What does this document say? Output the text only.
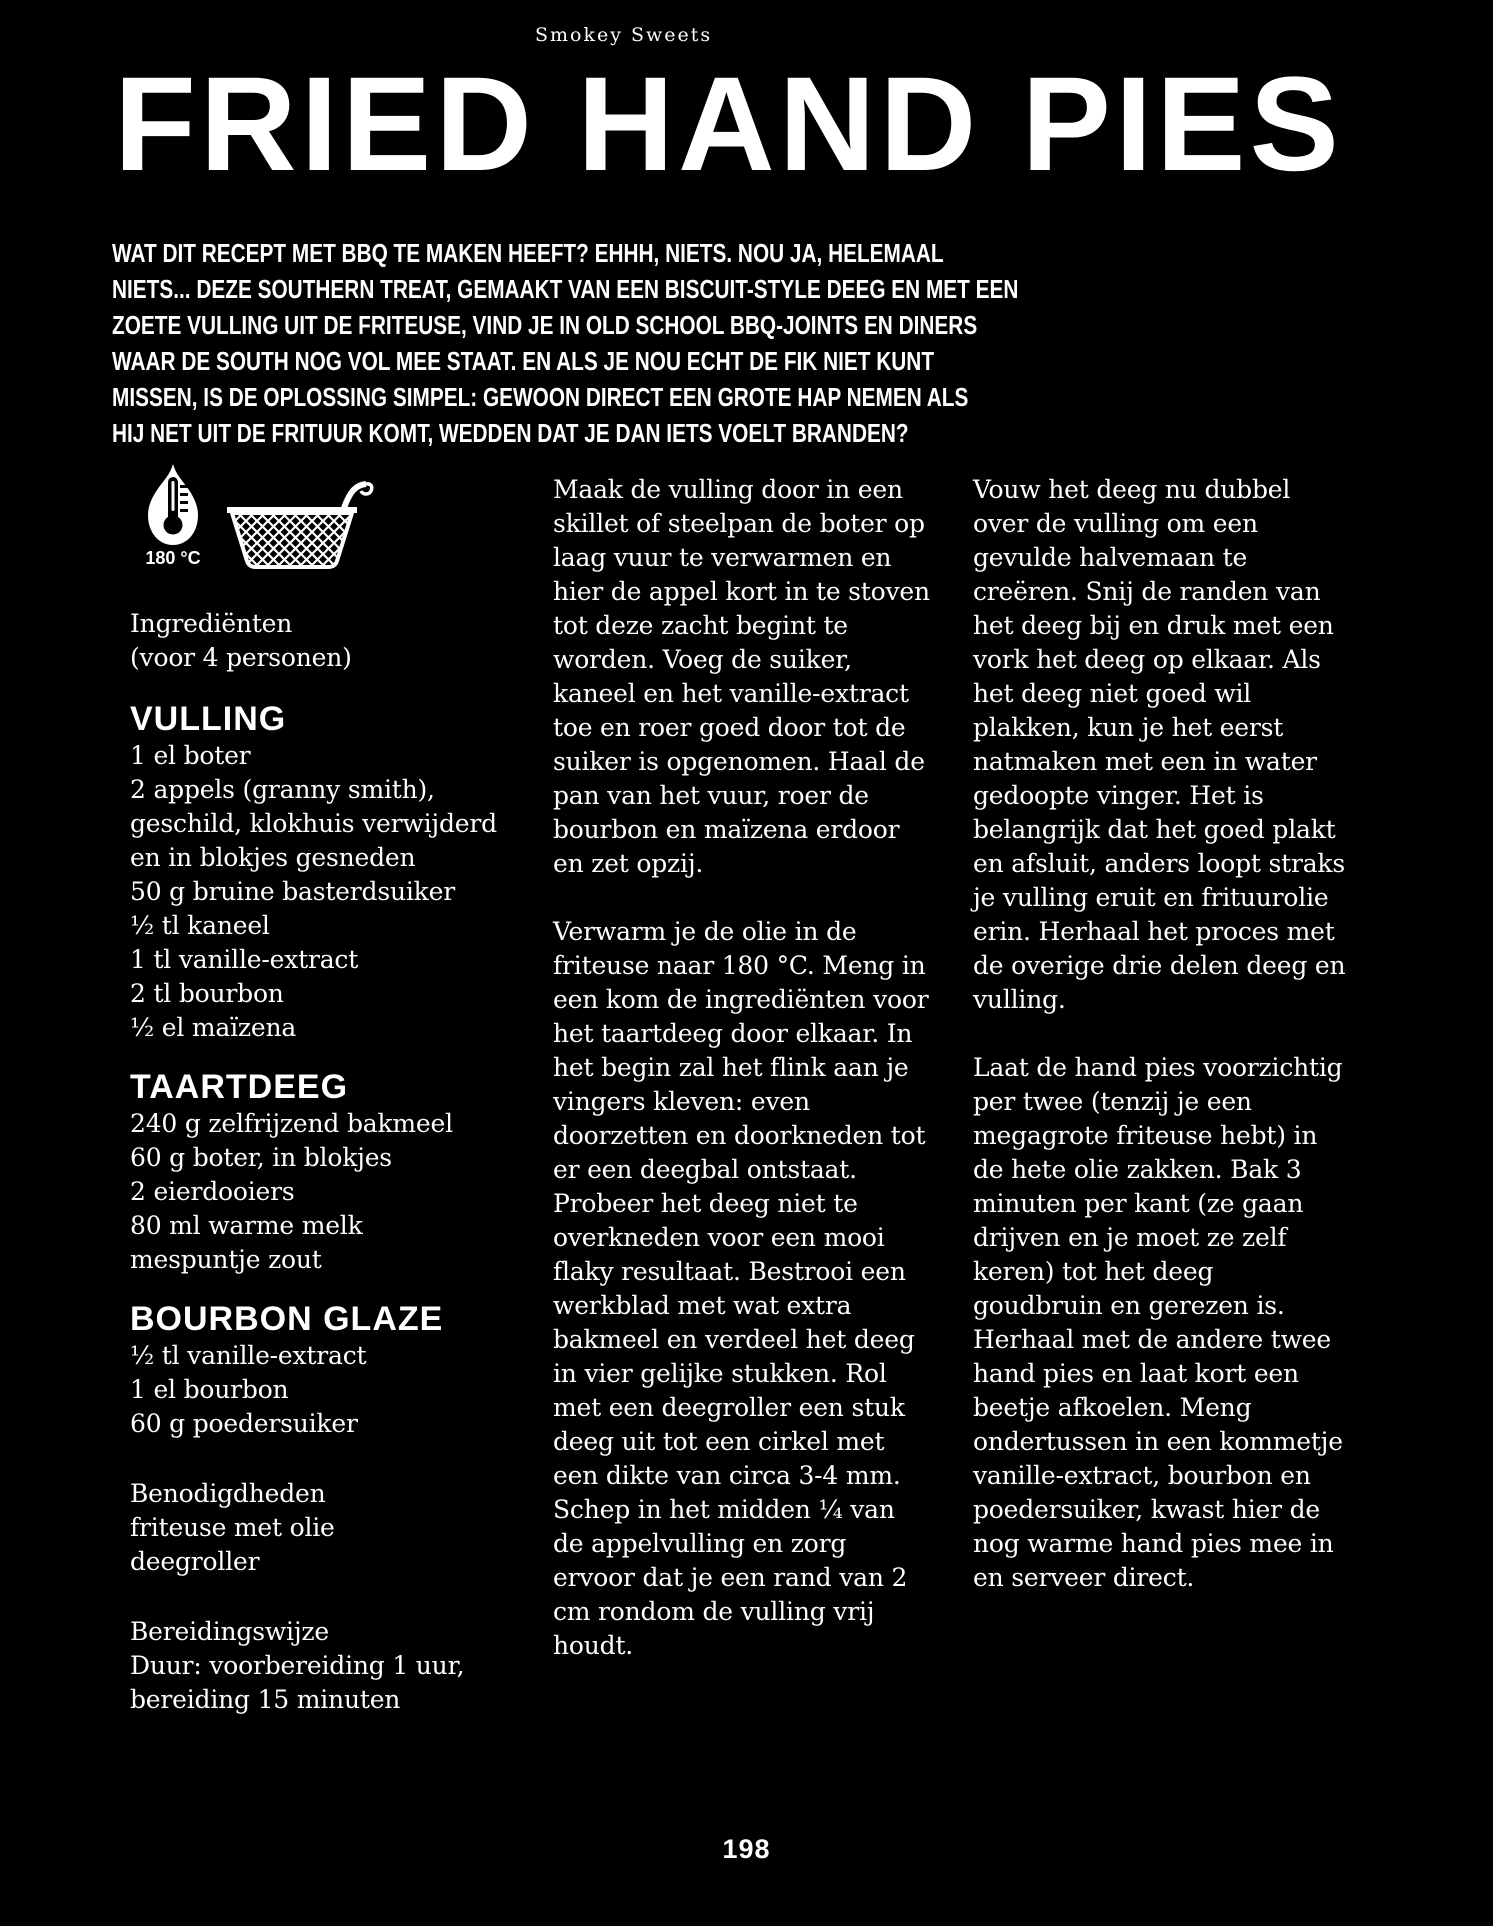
Smokey Sweets
FRIED HAND PIES
WAT DIT RECEPT MET BBQ TE MAKEN HEEFT? EHHH, NIETS. NOU JA, HELEMAAL
NIETS... DEZE SOUTHERN TREAT, GEMAAKT VAN EEN BISCUIT-STYLE DEEG EN MET EEN
ZOETE VULLING UIT DE FRITEUSE, VIND JE IN OLD SCHOOL BBQ-JOINTS EN DINERS
WAAR DE SOUTH NOG VOL MEE STAAT. EN ALS JE NOU ECHT DE FIK NIET KUNT
MISSEN, IS DE OPLOSSING SIMPEL: GEWOON DIRECT EEN GROTE HAP NEMEN ALS
HIJ NET UIT DE FRITUUR KOMT, WEDDEN DAT JE DAN IETS VOELT BRANDEN?
180 °C
Ingrediënten
(voor 4 personen)
VULLING
1 el boter
2 appels (granny smith), geschild, klokhuis verwijderd en in blokjes gesneden
50 g bruine basterdsuiker
½ tl kaneel
1 tl vanille-extract
2 tl bourbon
½ el maïzena
TAARTDEEG
240 g zelfrijzend bakmeel
60 g boter, in blokjes
2 eierdooiers
80 ml warme melk
mespuntje zout
BOURBON GLAZE
½ tl vanille-extract
1 el bourbon
60 g poedersuiker
Benodigdheden
friteuse met olie
deegroller
Bereidingswijze
Duur: voorbereiding 1 uur,
bereiding 15 minuten

Maak de vulling door in een skillet of steelpan de boter op laag vuur te verwarmen en hier de appel kort in te stoven tot deze zacht begint te worden. Voeg de suiker, kaneel en het vanille-extract toe en roer goed door tot de suiker is opgenomen. Haal de pan van het vuur, roer de bourbon en maïzena erdoor en zet opzij.

Verwarm je de olie in de friteuse naar 180 °C. Meng in een kom de ingrediënten voor het taartdeeg door elkaar. In het begin zal het flink aan je vingers kleven: even doorzetten en doorkneden tot er een deegbal ontstaat. Probeer het deeg niet te overkneden voor een mooi flaky resultaat. Bestrooi een werkblad met wat extra bakmeel en verdeel het deeg in vier gelijke stukken. Rol met een deegroller een stuk deeg uit tot een cirkel met een dikte van circa 3-4 mm. Schep in het midden ¼ van de appelvulling en zorg ervoor dat je een rand van 2 cm rondom de vulling vrij houdt.

Vouw het deeg nu dubbel over de vulling om een gevulde halvemaan te creëren. Snij de randen van het deeg bij en druk met een vork het deeg op elkaar. Als het deeg niet goed wil plakken, kun je het eerst natmaken met een in water gedoopte vinger. Het is belangrijk dat het goed plakt en afsluit, anders loopt straks je vulling eruit en frituurolie erin. Herhaal het proces met de overige drie delen deeg en vulling.

Laat de hand pies voorzichtig per twee (tenzij je een megagrote friteuse hebt) in de hete olie zakken. Bak 3 minuten per kant (ze gaan drijven en je moet ze zelf keren) tot het deeg goudbruin en gerezen is. Herhaal met de andere twee hand pies en laat kort een beetje afkoelen. Meng ondertussen in een kommetje vanille-extract, bourbon en poedersuiker, kwast hier de nog warme hand pies mee in en serveer direct.

198
